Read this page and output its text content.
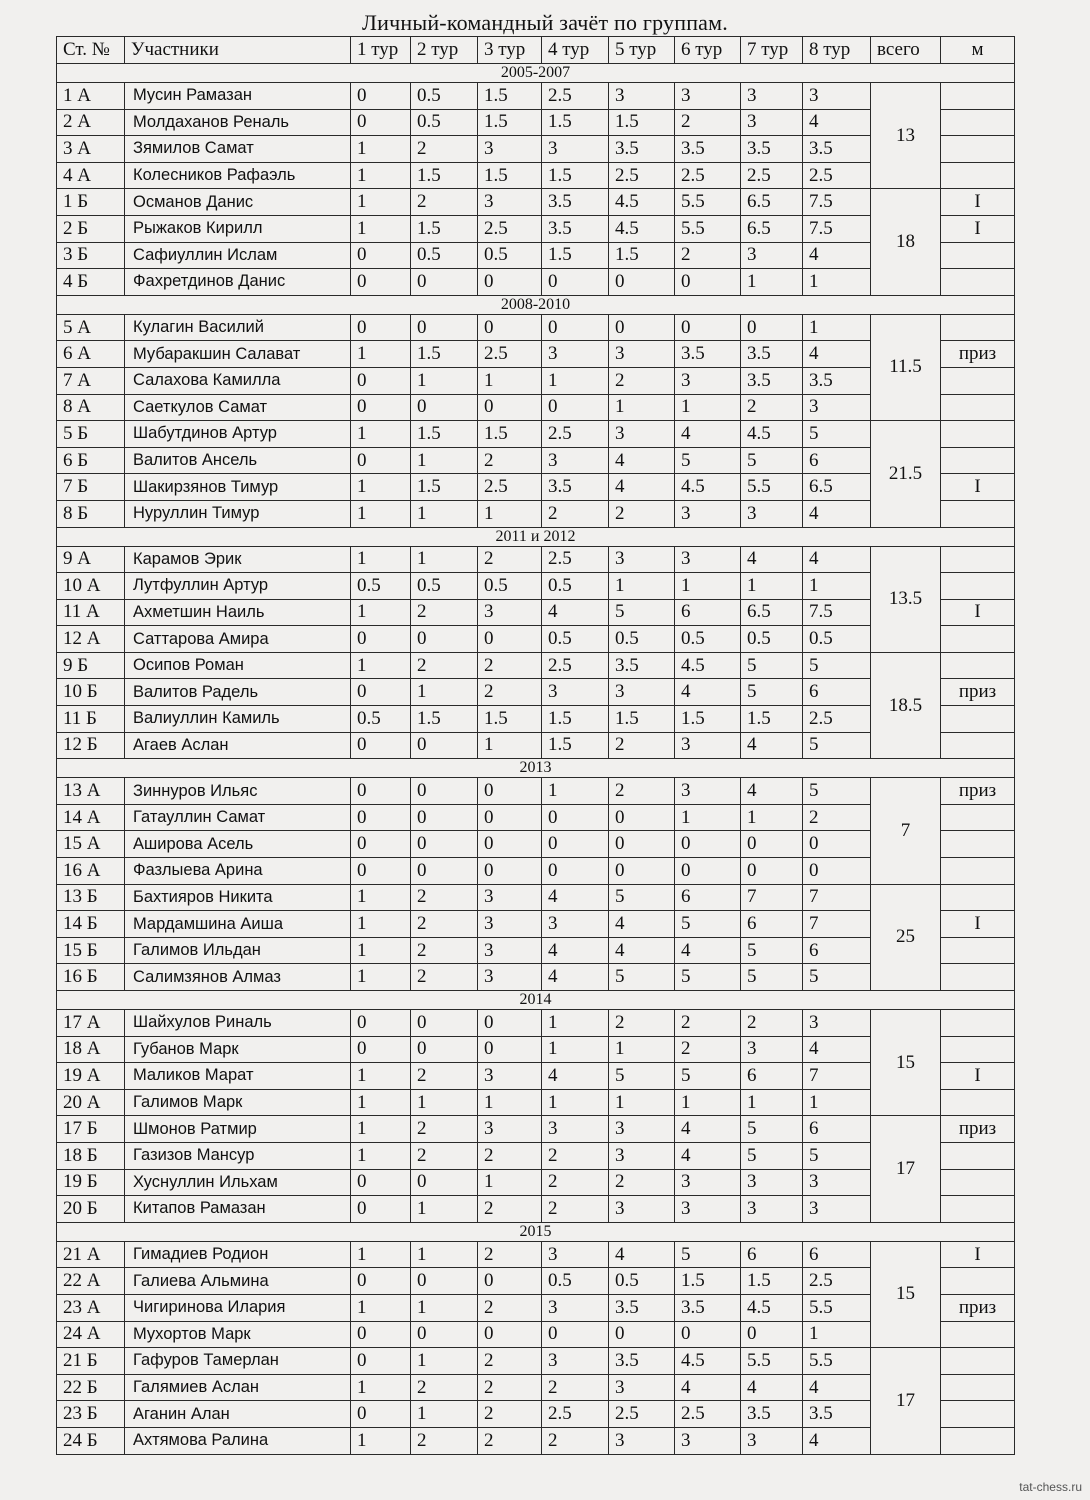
Личный-командный зачёт по группам.
Ст. №	Участники	1 тур	2 тур	3 тур	4 тур	5 тур	6 тур	7 тур	8 тур	всего	м
2005-2007											
1 А	Мусин Рамазан	0	0.5	1.5	2.5	3	3	3	3	13	
2 А	Молдаханов Реналь	0	0.5	1.5	1.5	1.5	2	3	4		
3 А	Зямилов Самат	1	2	3	3	3.5	3.5	3.5	3.5		
4 А	Колесников Рафаэль	1	1.5	1.5	1.5	2.5	2.5	2.5	2.5		
1 Б	Османов Данис	1	2	3	3.5	4.5	5.5	6.5	7.5	18	I
2 Б	Рыжаков Кирилл	1	1.5	2.5	3.5	4.5	5.5	6.5	7.5		I
3 Б	Сафиуллин Ислам	0	0.5	0.5	1.5	1.5	2	3	4		
4 Б	Фахретдинов Данис	0	0	0	0	0	0	1	1		
2008-2010											
5 А	Кулагин Василий	0	0	0	0	0	0	0	1	11.5	
6 А	Мубаракшин Салават	1	1.5	2.5	3	3	3.5	3.5	4		приз
7 А	Салахова Камилла	0	1	1	1	2	3	3.5	3.5		
8 А	Саеткулов Самат	0	0	0	0	1	1	2	3		
5 Б	Шабутдинов Артур	1	1.5	1.5	2.5	3	4	4.5	5	21.5	
6 Б	Валитов Ансель	0	1	2	3	4	5	5	6		
7 Б	Шакирзянов Тимур	1	1.5	2.5	3.5	4	4.5	5.5	6.5		I
8 Б	Нуруллин Тимур	1	1	1	2	2	3	3	4		
2011 и 2012											
9 А	Карамов Эрик	1	1	2	2.5	3	3	4	4	13.5	
10 А	Лутфуллин Артур	0.5	0.5	0.5	0.5	1	1	1	1		
11 А	Ахметшин Наиль	1	2	3	4	5	6	6.5	7.5		I
12 А	Саттарова Амира	0	0	0	0.5	0.5	0.5	0.5	0.5		
9 Б	Осипов Роман	1	2	2	2.5	3.5	4.5	5	5	18.5	
10 Б	Валитов Радель	0	1	2	3	3	4	5	6		приз
11 Б	Валиуллин Камиль	0.5	1.5	1.5	1.5	1.5	1.5	1.5	2.5		
12 Б	Агаев Аслан	0	0	1	1.5	2	3	4	5		
2013											
13 А	Зиннуров Ильяс	0	0	0	1	2	3	4	5	7	приз
14 А	Гатауллин Самат	0	0	0	0	0	1	1	2		
15 А	Аширова Асель	0	0	0	0	0	0	0	0		
16 А	Фазлыева Арина	0	0	0	0	0	0	0	0		
13 Б	Бахтияров Никита	1	2	3	4	5	6	7	7	25	
14 Б	Мардамшина Аиша	1	2	3	3	4	5	6	7		I
15 Б	Галимов Ильдан	1	2	3	4	4	4	5	6		
16 Б	Салимзянов Алмаз	1	2	3	4	5	5	5	5		
2014											
17 А	Шайхулов Риналь	0	0	0	1	2	2	2	3	15	
18 А	Губанов Марк	0	0	0	1	1	2	3	4		
19 А	Маликов Марат	1	2	3	4	5	5	6	7		I
20 А	Галимов Марк	1	1	1	1	1	1	1	1		
17 Б	Шмонов Ратмир	1	2	3	3	3	4	5	6	17	приз
18 Б	Газизов Мансур	1	2	2	2	3	4	5	5		
19 Б	Хуснуллин Ильхам	0	0	1	2	2	3	3	3		
20 Б	Китапов Рамазан	0	1	2	2	3	3	3	3		
2015											
21 А	Гимадиев Родион	1	1	2	3	4	5	6	6	15	I
22 А	Галиева Альмина	0	0	0	0.5	0.5	1.5	1.5	2.5		
23 А	Чигиринова Илария	1	1	2	3	3.5	3.5	4.5	5.5		приз
24 А	Мухортов Марк	0	0	0	0	0	0	0	1		
21 Б	Гафуров Тамерлан	0	1	2	3	3.5	4.5	5.5	5.5	17	
22 Б	Галямиев Аслан	1	2	2	2	3	4	4	4		
23 Б	Аганин Алан	0	1	2	2.5	2.5	2.5	3.5	3.5		
24 Б	Ахтямова Ралина	1	2	2	2	3	3	3	4		
tat-chess.ru
